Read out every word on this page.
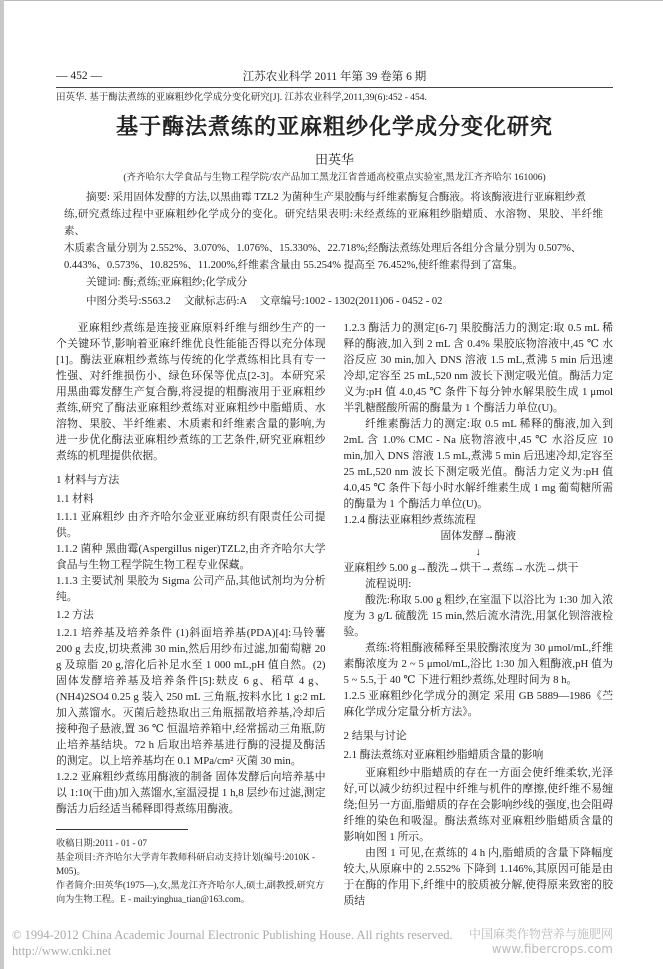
— 452 —	江苏农业科学 2011 年第 39 卷第 6 期
田英华. 基于酶法煮练的亚麻粗纱化学成分变化研究[J]. 江苏农业科学,2011,39(6):452 - 454.
基于酶法煮练的亚麻粗纱化学成分变化研究
田英华
(齐齐哈尔大学食品与生物工程学院/农产品加工黑龙江省普通高校重点实验室,黑龙江齐齐哈尔 161006)
摘要: 采用固体发酵的方法,以黑曲霉 TZL2 为菌种生产果胶酶与纤维素酶复合酶液。将该酶液进行亚麻粗纱煮
练,研究煮练过程中亚麻粗纱化学成分的变化。研究结果表明:未经煮练的亚麻粗纱脂蜡质、水溶物、果胶、半纤维素、
木质素含量分别为 2.552%、3.070%、1.076%、15.330%、22.718%;经酶法煮练处理后各组分含量分别为 0.507%、
0.443%、0.573%、10.825%、11.200%,纤维素含量由 55.254% 提高至 76.452%,使纤维素得到了富集。
关键词: 酶;煮练;亚麻粗纱;化学成分
中图分类号:S563.2 文献标志码:A 文章编号:1002 - 1302(2011)06 - 0452 - 02

亚麻粗纱煮练是连接亚麻原料纤维与细纱生产的一个关键环节,影响着亚麻纤维优良性能能否得以充分体现[1]。酶法亚麻粗纱煮练与传统的化学煮练相比具有专一性强、对纤维损伤小、绿色环保等优点[2-3]。本研究采用黑曲霉发酵生产复合酶,将浸提的粗酶液用于亚麻粗纱煮练,研究了酶法亚麻粗纱煮练对亚麻粗纱中脂蜡质、水溶物、果胶、半纤维素、木质素和纤维素含量的影响,为进一步优化酶法亚麻粗纱煮练的工艺条件,研究亚麻粗纱煮练的机理提供依据。

1 材料与方法
1.1 材料

1.1.1 亚麻粗纱 由齐齐哈尔金亚亚麻纺织有限责任公司提供。

1.1.2 菌种 黑曲霉(Aspergillus niger)TZL2,由齐齐哈尔大学食品与生物工程学院生物工程专业保藏。

1.1.3 主要试剂 果胶为 Sigma 公司产品,其他试剂均为分析纯。

1.2 方法

1.2.1 培养基及培养条件 (1)斜面培养基(PDA)[4]:马铃薯 200 g 去皮,切块煮沸 30 min,然后用纱布过滤,加葡萄糖 20 g 及琼脂 20 g,溶化后补足水至 1 000 mL,pH 值自然。(2)固体发酵培养基及培养条件[5]:麸皮 6 g、稻草 4 g、(NH4)2SO4 0.25 g 装入 250 mL 三角瓶,按料水比 1 g:2 mL 加入蒸馏水。灭菌后趁热取出三角瓶摇散培养基,冷却后接种孢子悬液,置 36 ℃ 恒温培养箱中,经常摇动三角瓶,防止培养基结块。72 h 后取出培养基进行酶的浸提及酶活的测定。以上培养基均在 0.1 MPa/cm² 灭菌 30 min。

1.2.2 亚麻粗纱煮练用酶液的制备 固体发酵后向培养基中以 1:10(干曲)加入蒸馏水,室温浸提 1 h,8 层纱布过滤,测定酶活力后经适当稀释即得煮练用酶液。

收稿日期:2011 - 01 - 07
基金项目:齐齐哈尔大学青年教师科研启动支持计划(编号:2010K - M05)。
作者简介:田英华(1975—),女,黑龙江齐齐哈尔人,硕士,副教授,研究方向为生物工程。E - mail:yinghua_tian@163.com。

1.2.3 酶活力的测定[6-7] 果胶酶活力的测定:取 0.5 mL 稀释的酶液,加入到 2 mL 含 0.4% 果胶底物溶液中,45 ℃ 水浴反应 30 min,加入 DNS 溶液 1.5 mL,煮沸 5 min 后迅速冷却,定容至 25 mL,520 nm 波长下测定吸光值。酶活力定义为:pH 值 4.0,45 ℃ 条件下每分钟水解果胶生成 1 μmol 半乳糖醛酸所需的酶量为 1 个酶活力单位(U)。

纤维素酶活力的测定:取 0.5 mL 稀释的酶液,加入到 2mL 含 1.0% CMC - Na 底物溶液中,45 ℃ 水浴反应 10 min,加入 DNS 溶液 1.5 mL,煮沸 5 min 后迅速冷却,定容至 25 mL,520 nm 波长下测定吸光值。酶活力定义为:pH 值 4.0,45 ℃ 条件下每小时水解纤维素生成 1 mg 葡萄糖所需的酶量为 1 个酶活力单位(U)。

1.2.4 酶法亚麻粗纱煮练流程
固体发酵→酶液
↓
亚麻粗纱 5.00 g→酸洗→烘干→煮练→水洗→烘干
流程说明:

酸洗:称取 5.00 g 粗纱,在室温下以浴比为 1:30 加入浓度为 3 g/L 硫酸洗 15 min,然后流水清洗,用氯化钡溶液检验。

煮练:将粗酶液稀释至果胶酶浓度为 30 μmol/mL,纤维素酶浓度为 2 ~ 5 μmol/mL,浴比 1:30 加入粗酶液,pH 值为 5 ~ 5.5,于 40 ℃ 下进行粗纱煮练,处理时间为 8 h。

1.2.5 亚麻粗纱化学成分的测定 采用 GB 5889—1986《苎麻化学成分定量分析方法》。

2 结果与讨论
2.1 酶法煮练对亚麻粗纱脂蜡质含量的影响

亚麻粗纱中脂蜡质的存在一方面会使纤维柔软,光泽好,可以减少纺织过程中纤维与机件的摩擦,使纤维不易缠绕;但另一方面,脂蜡质的存在会影响纱线的强度,也会阻碍纤维的染色和吸湿。酶法煮练对亚麻粗纱脂蜡质含量的影响如图 1 所示。

由图 1 可见,在煮练的 4 h 内,脂蜡质的含量下降幅度较大,从原麻中的 2.552% 下降到 1.146%,其原因可能是由于在酶的作用下,纤维中的胶质被分解,使得原来致密的胶质结

© 1994-2012 China Academic Journal Electronic Publishing House. All rights reserved. http://www.cnki.net
中国麻类作物营养与施肥网
www.fibercrops.com
